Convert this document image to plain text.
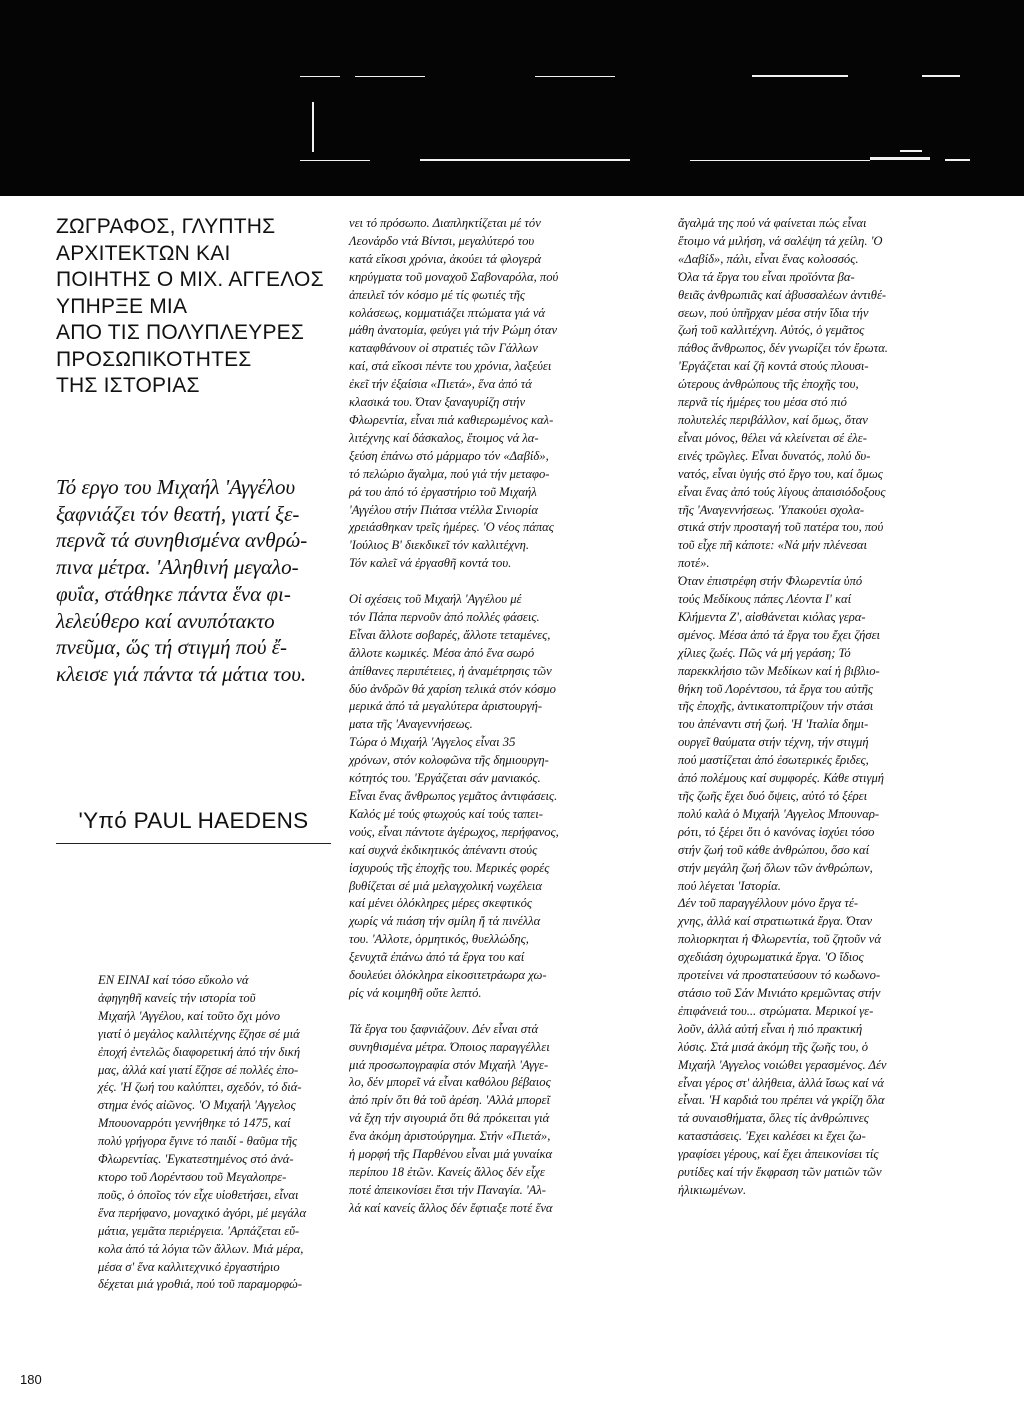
ΖΩΓΡΑΦΟΣ, ΓΛΥΠΤΗΣ
ΑΡΧΙΤΕΚΤΩΝ ΚΑΙ
ΠΟΙΗΤΗΣ Ο ΜΙΧ. ΑΓΓΕΛΟΣ
ΥΠΗΡΞΕ ΜΙΑ
ΑΠΟ ΤΙΣ ΠΟΛΥΠΛΕΥΡΕΣ
ΠΡΟΣΩΠΙΚΟΤΗΤΕΣ
ΤΗΣ ΙΣΤΟΡΙΑΣ
Τό εργο του Μιχαήλ 'Αγγέλου
ξαφνιάζει τόν θεατή, γιατί ξε-
περνᾶ τά συνηθισμένα ανθρώ-
πινα μέτρα. 'Αληθινή μεγαλο-
φυΐα, στάθηκε πάντα ἕνα φι-
λελεύθερο καί ανυπότακτο
πνεῦμα, ὥς τή στιγμή πού ἔ-
κλεισε γιά πάντα τά μάτια του.
'Υπό PAUL HAEDENS
ΕΝ ΕΙΝΑΙ καί τόσο εὔκολο νά
ἀφηγηθῆ κανείς τήν ιστορία τοῦ
Μιχαήλ 'Αγγέλου, καί τοῦτο ὄχι μόνο
γιατί ὁ μεγάλος καλλιτέχνης ἔζησε σέ μιά
ἐποχή ἐντελῶς διαφορετική ἀπό τήν δική
μας, ἀλλά καί γιατί ἔζησε σέ πολλές ἐπο-
χές. 'Η ζωή του καλύπτει, σχεδόν, τό διά-
στημα ἑνός αἰῶνος. 'Ο Μιχαήλ 'Αγγελος
Μπουοναρρότι γεννήθηκε τό 1475, καί
πολύ γρήγορα ἔγινε τό παιδί - θαῦμα τῆς
Φλωρεντίας. 'Εγκατεστημένος στό ἀνά-
κτορο τοῦ Λορέντσου τοῦ Μεγαλοπρε-
ποῦς, ὁ ὁποῖος τόν εἶχε υἱοθετήσει, εἶναι
ἕνα περήφανο, μοναχικό ἀγόρι, μέ μεγάλα
μάτια, γεμᾶτα περιέργεια. 'Αρπάζεται εὔ-
κολα ἀπό τά λόγια τῶν ἄλλων. Μιά μέρα,
μέσα σ' ἕνα καλλιτεχνικό ἐργαστήριο
δέχεται μιά γροθιά, πού τοῦ παραμορφώ-
νει τό πρόσωπο. Διαπληκτίζεται μέ τόν
Λεονάρδο ντά Βίντσι, μεγαλύτερό του
κατά εἴκοσι χρόνια, ἀκούει τά φλογερά
κηρύγματα τοῦ μοναχοῦ Σαβοναρόλα, πού
ἀπειλεῖ τόν κόσμο μέ τίς φωτιές τῆς
κολάσεως, κομματιάζει πτώματα γιά νά
μάθη ἀνατομία, φεύγει γιά τήν Ρώμη όταν
καταφθάνουν οἱ στρατιές τῶν Γάλλων
καί, στά εἴκοσι πέντε του χρόνια, λαξεύει
ἐκεῖ τήν ἐξαίσια «Πιετά», ἕνα ἀπό τά
κλασικά του. Όταν ξαναγυρίζη στήν
Φλωρεντία, εἶναι πιά καθιερωμένος καλ-
λιτέχνης καί δάσκαλος, ἕτοιμος νά λα-
ξεύση ἐπάνω στό μάρμαρο τόν «Δαβίδ»,
τό πελώριο ἄγαλμα, πού γιά τήν μεταφο-
ρά του ἀπό τό ἐργαστήριο τοῦ Μιχαήλ
'Αγγέλου στήν Πιάτσα ντέλλα Σινιορία
χρειάσθηκαν τρεῖς ἡμέρες. 'Ο νέος πάπας
'Ιούλιος Β' διεκδικεῖ τόν καλλιτέχνη.
Τόν καλεῖ νά ἐργασθῆ κοντά του.
Οἱ σχέσεις τοῦ Μιχαήλ 'Αγγέλου μέ
τόν Πάπα περνοῦν ἀπό πολλές φάσεις.
Εἶναι ἄλλοτε σοβαρές, ἄλλοτε τεταμένες,
ἄλλοτε κωμικές. Μέσα ἀπό ἕνα σωρό
ἀπίθανες περιπέτειες, ἡ ἀναμέτρησις τῶν
δύο ἀνδρῶν θά χαρίση τελικά στόν κόσμο
μερικά ἀπό τά μεγαλύτερα ἀριστουργή-
ματα τῆς 'Αναγεννήσεως.
Τώρα ὁ Μιχαήλ 'Αγγελος εἶναι 35
χρόνων, στόν κολοφῶνα τῆς δημιουργη-
κότητός του. 'Εργάζεται σάν μανιακός.
Εἶναι ἕνας ἄνθρωπος γεμᾶτος ἀντιφάσεις.
Καλός μέ τούς φτωχούς καί τούς ταπει-
νούς, εἶναι πάντοτε ἀγέρωχος, περήφανος,
καί συχνά ἐκδικητικός ἀπέναντι στούς
ἰσχυρούς τῆς ἐποχῆς του. Μερικές φορές
βυθίζεται σέ μιά μελαγχολική νωχέλεια
καί μένει ὁλόκληρες μέρες σκεφτικός
χωρίς νά πιάση τήν σμίλη ἤ τά πινέλλα
του. 'Αλλοτε, ὁρμητικός, θυελλώδης,
ξενυχτᾶ ἐπάνω ἀπό τά ἔργα του καί
δουλεύει ὁλόκληρα εἰκοσιτετράωρα χω-
ρίς νά κοιμηθῆ οὔτε λεπτό.
Τά ἔργα του ξαφνιάζουν. Δέν εἶναι στά
συνηθισμένα μέτρα. Όποιος παραγγέλλει
μιά προσωπογραφία στόν Μιχαήλ 'Αγγε-
λο, δέν μπορεῖ νά εἶναι καθόλου βέβαιος
ἀπό πρίν ὅτι θά τοῦ ἀρέση. 'Αλλά μπορεῖ
νά ἔχη τήν σιγουριά ὅτι θά πρόκειται γιά
ἕνα ἀκόμη ἀριστούργημα. Στήν «Πιετά»,
ἡ μορφή τῆς Παρθένου εἶναι μιά γυναίκα
περίπου 18 ἐτῶν. Κανείς ἄλλος δέν εἶχε
ποτέ ἀπεικονίσει ἔτσι τήν Παναγία. 'Αλ-
λά καί κανείς ἄλλος δέν ἔφτιαξε ποτέ ἕνα
ἄγαλμά της πού νά φαίνεται πώς εἶναι
ἕτοιμο νά μιλήση, νά σαλέψη τά χείλη. 'Ο
«Δαβίδ», πάλι, εἶναι ἕνας κολοσσός.
Όλα τά ἔργα του εἶναι προϊόντα βα-
θειᾶς ἀνθρωπιᾶς καί ἀβυσσαλέων ἀντιθέ-
σεων, πού ὑπῆρχαν μέσα στήν ἴδια τήν
ζωή τοῦ καλλιτέχνη. Αὐτός, ὁ γεμᾶτος
πάθος ἄνθρωπος, δέν γνωρίζει τόν ἔρωτα.
'Εργάζεται καί ζῆ κοντά στούς πλουσι-
ώτερους ἀνθρώπους τῆς ἐποχῆς του,
περνᾶ τίς ἡμέρες του μέσα στό πιό
πολυτελές περιβάλλον, καί ὅμως, ὅταν
εἶναι μόνος, θέλει νά κλείνεται σέ ἐλε-
εινές τρῶγλες. Εἶναι δυνατός, πολύ δυ-
νατός, εἶναι ὑγιής στό ἔργο του, καί ὅμως
εἶναι ἕνας ἀπό τούς λίγους ἀπαισιόδοξους
τῆς 'Αναγεννήσεως. 'Υπακούει σχολα-
στικά στήν προσταγή τοῦ πατέρα του, πού
τοῦ εἶχε πῆ κάποτε: «Νά μήν πλένεσαι
ποτέ».
Όταν ἐπιστρέφη στήν Φλωρεντία ὑπό
τούς Μεδίκους πάπες Λέοντα Ι' καί
Κλήμεντα Ζ', αἰσθάνεται κιόλας γερα-
σμένος. Μέσα ἀπό τά ἔργα του ἔχει ζήσει
χίλιες ζωές. Πῶς νά μή γεράση; Τό
παρεκκλήσιο τῶν Μεδίκων καί ἡ βιβλιο-
θήκη τοῦ Λορέντσου, τά ἔργα του αὐτῆς
τῆς ἐποχῆς, ἀντικατοπτρίζουν τήν στάσι
του ἀπέναντι στή ζωή. 'Η 'Ιταλία δημι-
ουργεῖ θαύματα στήν τέχνη, τήν στιγμή
πού μαστίζεται ἀπό ἐσωτερικές ἔριδες,
ἀπό πολέμους καί συμφορές. Κάθε στιγμή
τῆς ζωῆς ἔχει δυό ὄψεις, αὐτό τό ξέρει
πολύ καλά ὁ Μιχαήλ 'Αγγελος Μπουναρ-
ρότι, τό ξέρει ὅτι ὁ κανόνας ἰσχύει τόσο
στήν ζωή τοῦ κάθε ἀνθρώπου, ὅσο καί
στήν μεγάλη ζωή ὅλων τῶν ἀνθρώπων,
πού λέγεται 'Ιστορία.
Δέν τοῦ παραγγέλλουν μόνο ἔργα τέ-
χνης, ἀλλά καί στρατιωτικά ἔργα. Όταν
πολιορκηται ἡ Φλωρεντία, τοῦ ζητοῦν νά
σχεδιάση ὀχυρωματικά ἔργα. 'Ο ἴδιος
προτείνει νά προστατεύσουν τό κωδωνο-
στάσιο τοῦ Σάν Μινιάτο κρεμῶντας στήν
ἐπιφάνειά του... στρώματα. Μερικοί γε-
λοῦν, ἀλλά αὐτή εἶναι ἡ πιό πρακτική
λύσις. Στά μισά ἀκόμη τῆς ζωῆς του, ὁ
Μιχαήλ 'Αγγελος νοιώθει γερασμένος. Δέν
εἶναι γέρος στ' ἀλήθεια, ἀλλά ἴσως καί νά
εἶναι. 'Η καρδιά του πρέπει νά γκρίζη ὅλα
τά συναισθήματα, ὅλες τίς ἀνθρώπινες
καταστάσεις. 'Εχει καλέσει κι ἔχει ζω-
γραφίσει γέρους, καί ἔχει ἀπεικονίσει τίς
ρυτίδες καί τήν ἔκφραση τῶν ματιῶν τῶν
ἡλικιωμένων.
180
